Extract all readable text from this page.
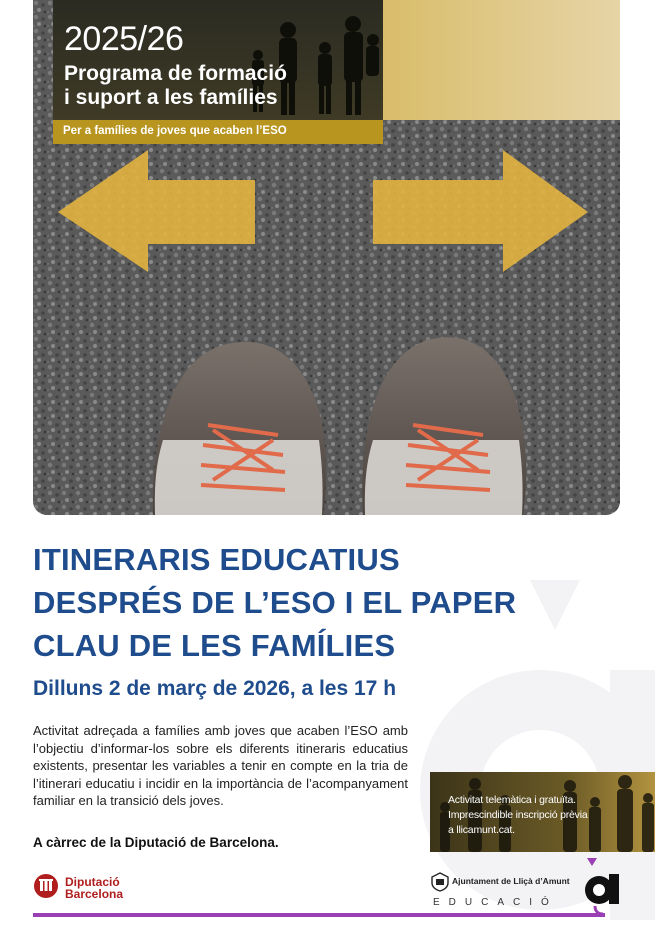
2025/26
Programa de formació
i suport a les famílies
Per a famílies de joves que acaben l’ESO
ITINERARIS EDUCATIUS
DESPRÉS DE L’ESO I EL PAPER
CLAU DE LES FAMÍLIES
Dilluns 2 de març de 2026, a les 17 h
Activitat adreçada a famílies amb joves que acaben l’ESO amb l’objectiu d’informar-los sobre els diferents itineraris educatius existents, presentar les variables a tenir en compte en la tria de l’itinerari educatiu i incidir en la importància de l’acompanyament familiar en la transició dels joves.
A càrrec de la Diputació de Barcelona.
Activitat telemàtica i gratuïta.
Imprescindible inscripció prèvia
a llicamunt.cat.
Diputació
Barcelona
Ajuntament de Lliçà d’Amunt
EDUCACIÓ
